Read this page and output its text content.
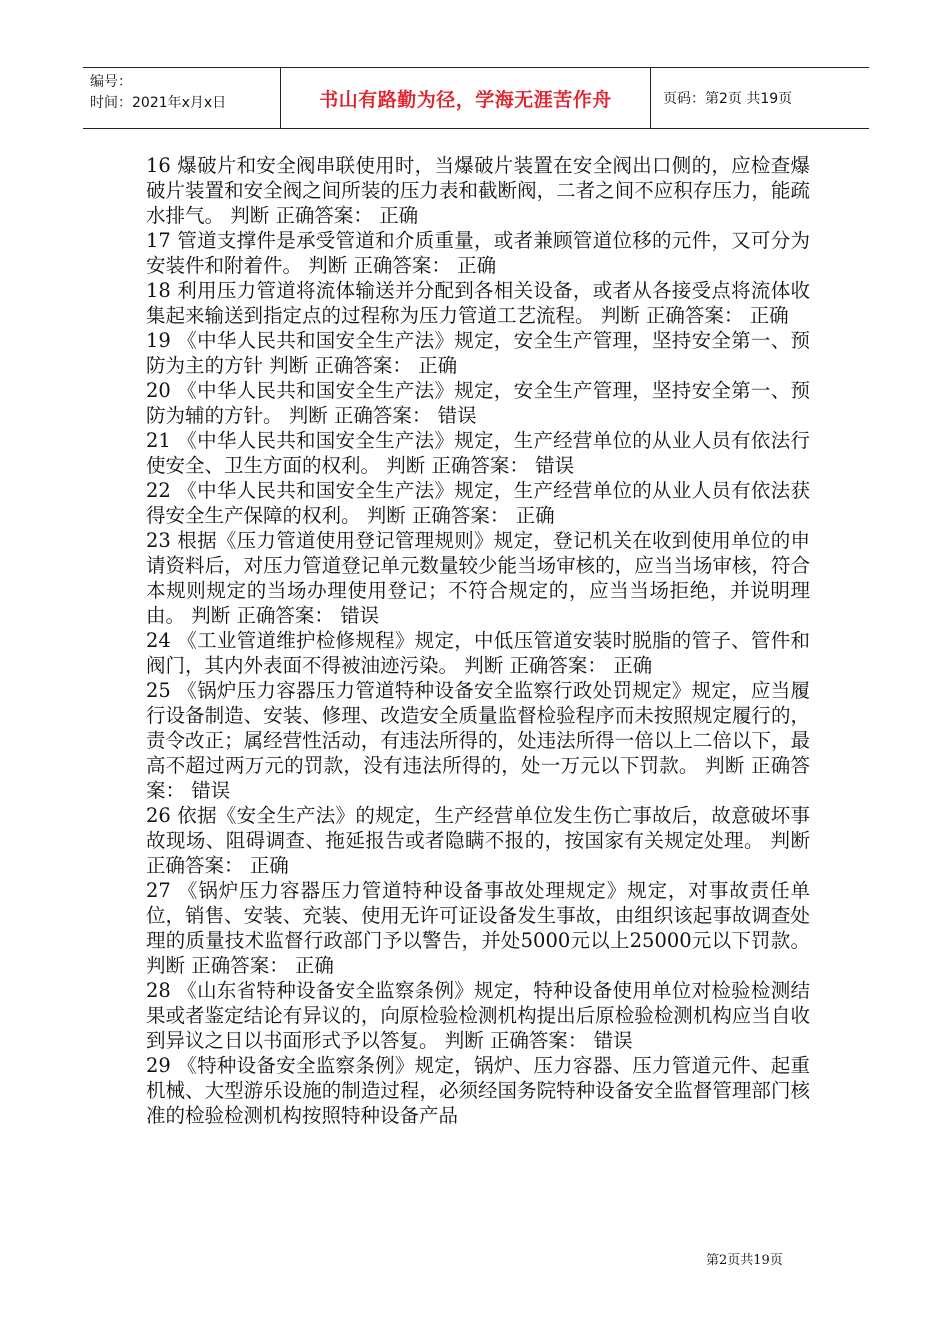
编号：
时间：2021年x月x日	书山有路勤为径，学海无涯苦作舟	页码：第2页 共19页

16 爆破片和安全阀串联使用时，当爆破片装置在安全阀出口侧的，应检查爆破片装置和安全阀之间所装的压力表和截断阀，二者之间不应积存压力，能疏水排气。 判断 正确答案： 正确

17 管道支撑件是承受管道和介质重量，或者兼顾管道位移的元件，又可分为安装件和附着件。 判断 正确答案： 正确

18 利用压力管道将流体输送并分配到各相关设备，或者从各接受点将流体收集起来输送到指定点的过程称为压力管道工艺流程。 判断 正确答案： 正确

19 《中华人民共和国安全生产法》规定，安全生产管理，坚持安全第一、预防为主的方针 判断 正确答案： 正确

20 《中华人民共和国安全生产法》规定，安全生产管理，坚持安全第一、预防为辅的方针。 判断 正确答案： 错误

21 《中华人民共和国安全生产法》规定，生产经营单位的从业人员有依法行使安全、卫生方面的权利。 判断 正确答案： 错误

22 《中华人民共和国安全生产法》规定，生产经营单位的从业人员有依法获得安全生产保障的权利。 判断 正确答案： 正确

23 根据《压力管道使用登记管理规则》规定，登记机关在收到使用单位的申请资料后，对压力管道登记单元数量较少能当场审核的，应当当场审核，符合本规则规定的当场办理使用登记；不符合规定的，应当当场拒绝，并说明理由。 判断 正确答案： 错误

24 《工业管道维护检修规程》规定，中低压管道安装时脱脂的管子、管件和阀门，其内外表面不得被油迹污染。 判断 正确答案： 正确

25 《锅炉压力容器压力管道特种设备安全监察行政处罚规定》规定，应当履行设备制造、安装、修理、改造安全质量监督检验程序而未按照规定履行的，责令改正；属经营性活动，有违法所得的，处违法所得一倍以上二倍以下，最高不超过两万元的罚款，没有违法所得的，处一万元以下罚款。 判断 正确答案： 错误

26 依据《安全生产法》的规定，生产经营单位发生伤亡事故后，故意破坏事故现场、阻碍调查、拖延报告或者隐瞒不报的，按国家有关规定处理。 判断 正确答案： 正确

27 《锅炉压力容器压力管道特种设备事故处理规定》规定，对事故责任单位，销售、安装、充装、使用无许可证设备发生事故，由组织该起事故调查处理的质量技术监督行政部门予以警告，并处5000元以上25000元以下罚款。 判断 正确答案： 正确

28 《山东省特种设备安全监察条例》规定，特种设备使用单位对检验检测结果或者鉴定结论有异议的，向原检验检测机构提出后原检验检测机构应当自收到异议之日以书面形式予以答复。 判断 正确答案： 错误

29 《特种设备安全监察条例》规定，锅炉、压力容器、压力管道元件、起重机械、大型游乐设施的制造过程，必须经国务院特种设备安全监督管理部门核准的检验检测机构按照特种设备产品

第2页共19页
